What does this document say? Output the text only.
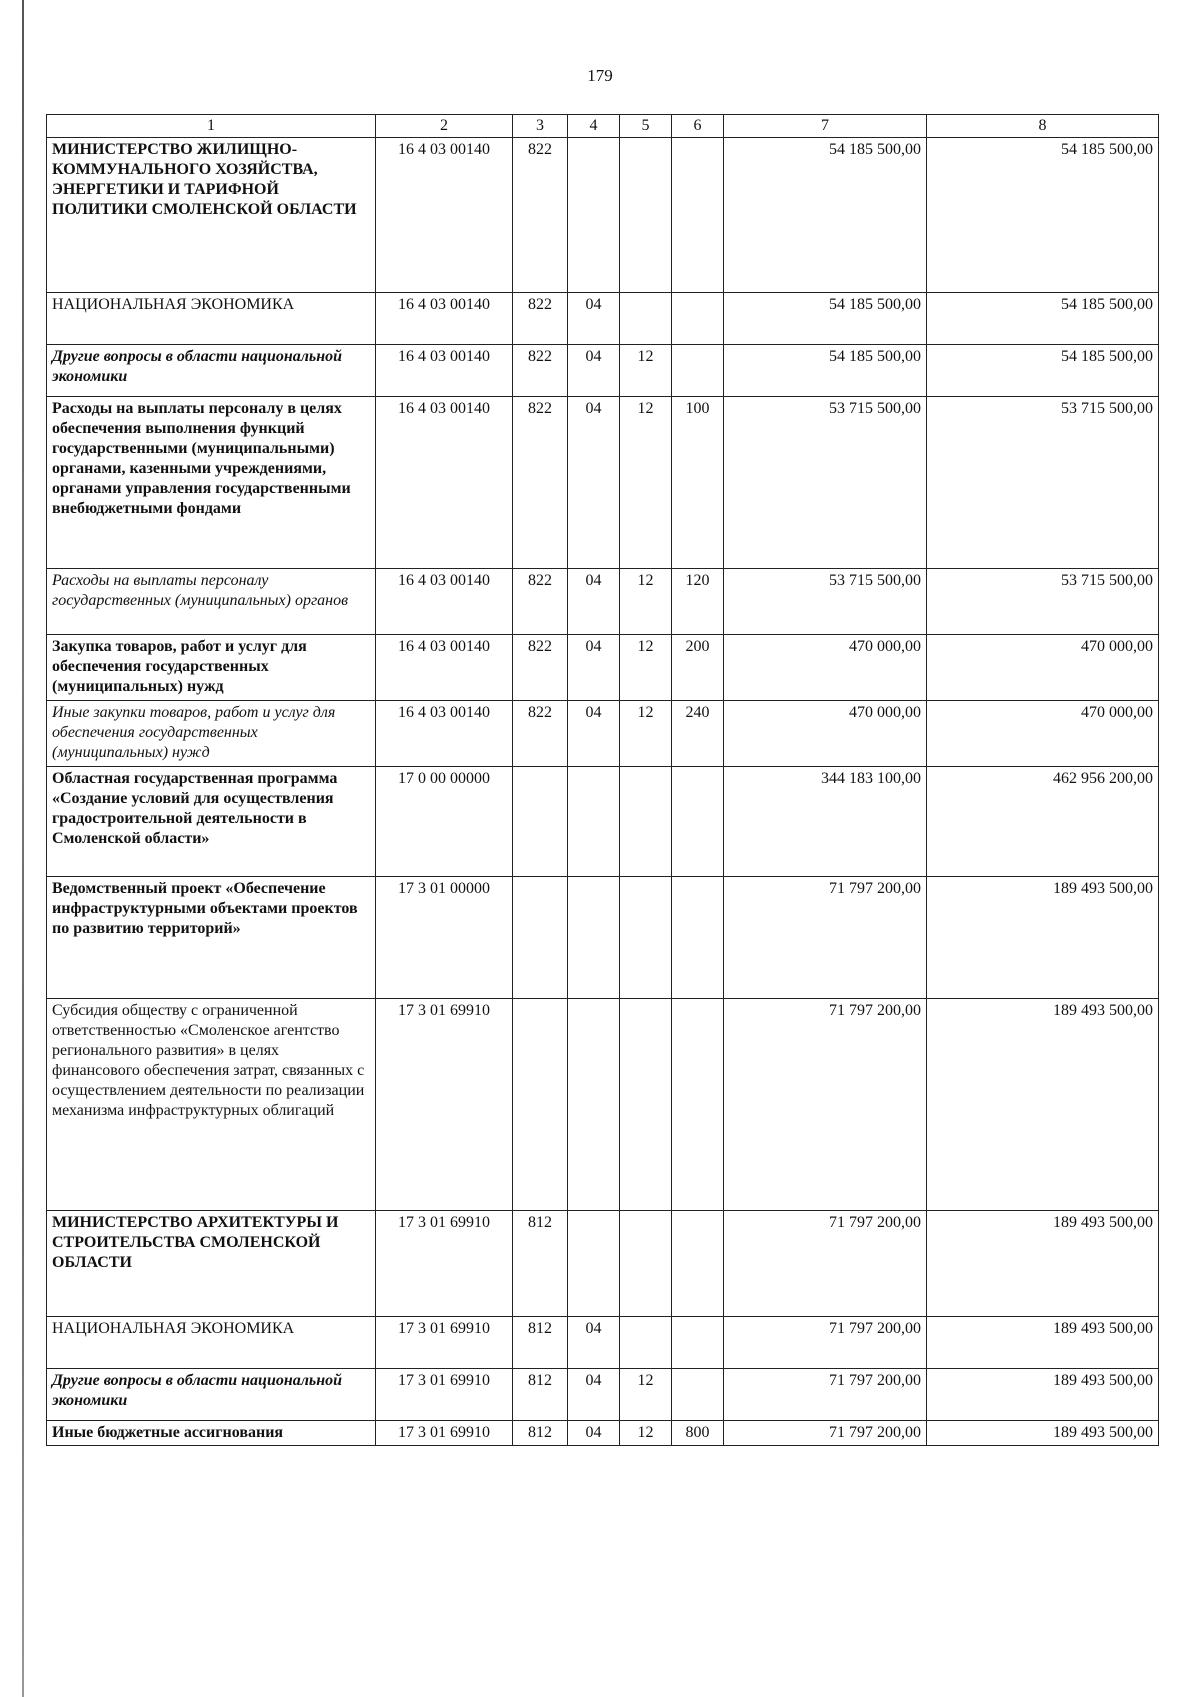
179
1	2	3	4	5	6	7	8
МИНИСТЕРСТВО ЖИЛИЩНО-КОММУНАЛЬНОГО ХОЗЯЙСТВА, ЭНЕРГЕТИКИ И ТАРИФНОЙ ПОЛИТИКИ СМОЛЕНСКОЙ ОБЛАСТИ	16 4 03 00140	822				54 185 500,00	54 185 500,00
НАЦИОНАЛЬНАЯ ЭКОНОМИКА	16 4 03 00140	822	04			54 185 500,00	54 185 500,00
Другие вопросы в области национальной экономики	16 4 03 00140	822	04	12		54 185 500,00	54 185 500,00
Расходы на выплаты персоналу в целях обеспечения выполнения функций государственными (муниципальными) органами, казенными учреждениями, органами управления государственными внебюджетными фондами	16 4 03 00140	822	04	12	100	53 715 500,00	53 715 500,00
Расходы на выплаты персоналу государственных (муниципальных) органов	16 4 03 00140	822	04	12	120	53 715 500,00	53 715 500,00
Закупка товаров, работ и услуг для обеспечения государственных (муниципальных) нужд	16 4 03 00140	822	04	12	200	470 000,00	470 000,00
Иные закупки товаров, работ и услуг для обеспечения государственных (муниципальных) нужд	16 4 03 00140	822	04	12	240	470 000,00	470 000,00
Областная государственная программа «Создание условий для осуществления градостроительной деятельности в Смоленской области»	17 0 00 00000					344 183 100,00	462 956 200,00
Ведомственный проект «Обеспечение инфраструктурными объектами проектов по развитию территорий»	17 3 01 00000					71 797 200,00	189 493 500,00
Субсидия обществу с ограниченной ответственностью «Смоленское агентство регионального развития» в целях финансового обеспечения затрат, связанных с осуществлением деятельности по реализации механизма инфраструктурных облигаций	17 3 01 69910					71 797 200,00	189 493 500,00
МИНИСТЕРСТВО АРХИТЕКТУРЫ И СТРОИТЕЛЬСТВА СМОЛЕНСКОЙ ОБЛАСТИ	17 3 01 69910	812				71 797 200,00	189 493 500,00
НАЦИОНАЛЬНАЯ ЭКОНОМИКА	17 3 01 69910	812	04			71 797 200,00	189 493 500,00
Другие вопросы в области национальной экономики	17 3 01 69910	812	04	12		71 797 200,00	189 493 500,00
Иные бюджетные ассигнования	17 3 01 69910	812	04	12	800	71 797 200,00	189 493 500,00
